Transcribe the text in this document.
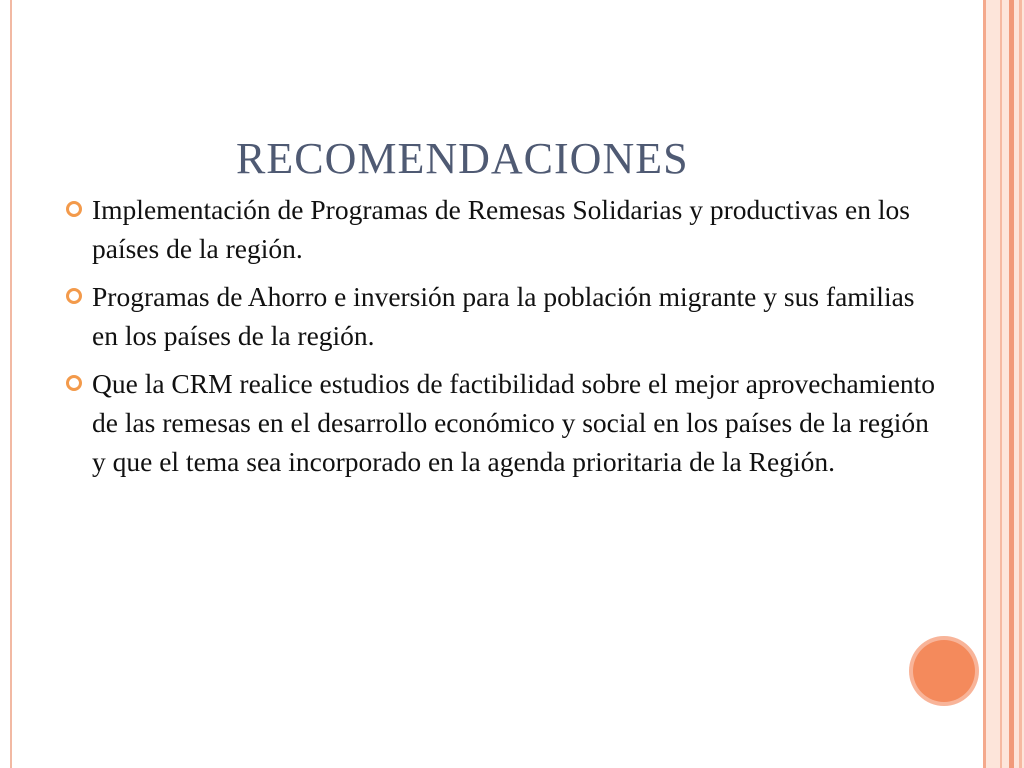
RECOMENDACIONES
Implementación de Programas de Remesas Solidarias y productivas en los países de la región.
Programas de Ahorro e inversión para la población migrante y sus familias en los países de la región.
Que la CRM realice estudios de factibilidad sobre el mejor aprovechamiento de las remesas en el desarrollo económico y social en los países de la región y que el tema sea incorporado en la agenda prioritaria de la Región.
